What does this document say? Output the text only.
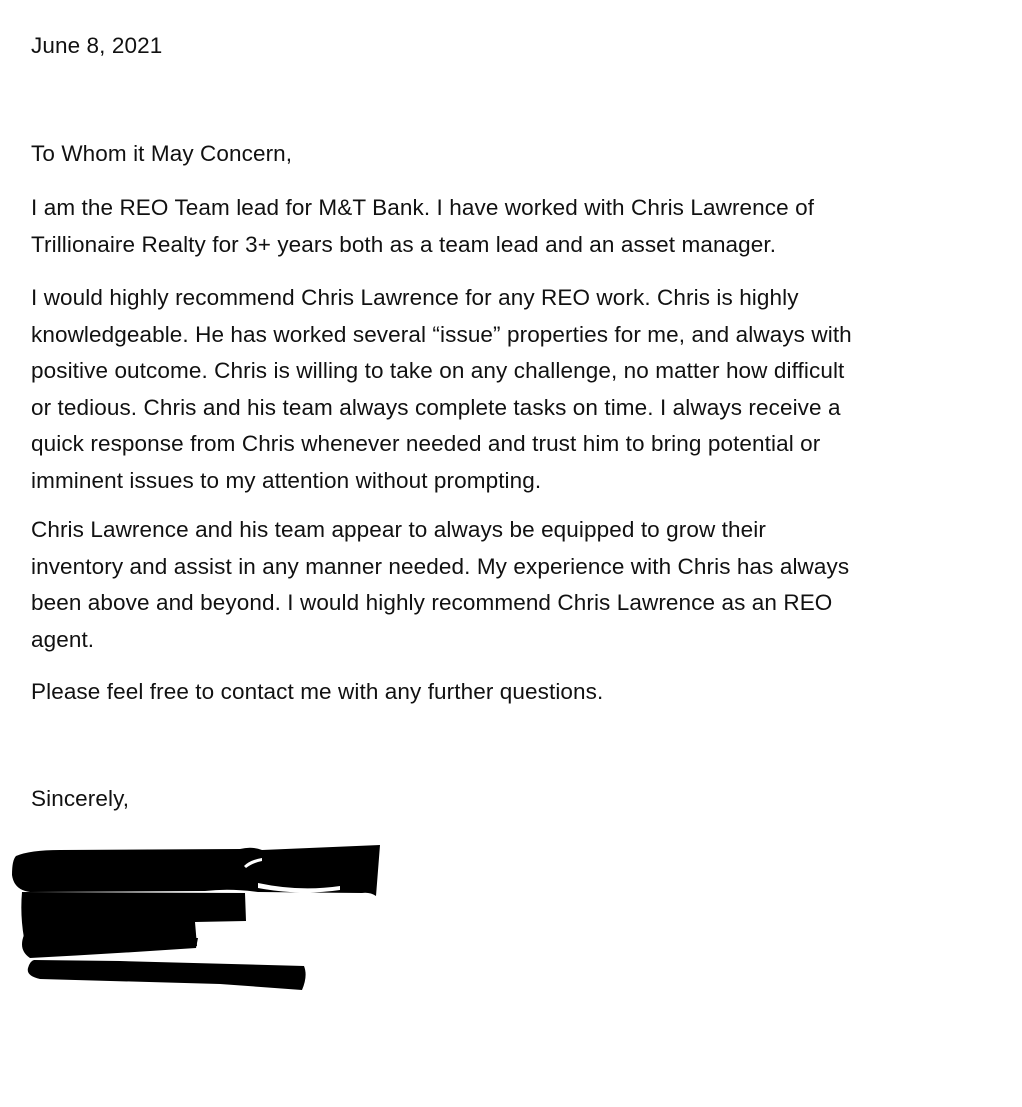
June 8, 2021
To Whom it May Concern,
I am the REO Team lead for M&T Bank. I have worked with Chris Lawrence of
Trillionaire Realty for 3+ years both as a team lead and an asset manager.
I would highly recommend Chris Lawrence for any REO work. Chris is highly
knowledgeable. He has worked several “issue” properties for me, and always with
positive outcome. Chris is willing to take on any challenge, no matter how difficult
or tedious. Chris and his team always complete tasks on time. I always receive a
quick response from Chris whenever needed and trust him to bring potential or
imminent issues to my attention without prompting.
Chris Lawrence and his team appear to always be equipped to grow their
inventory and assist in any manner needed. My experience with Chris has always
been above and beyond. I would highly recommend Chris Lawrence as an REO
agent.
Please feel free to contact me with any further questions.
Sincerely,
